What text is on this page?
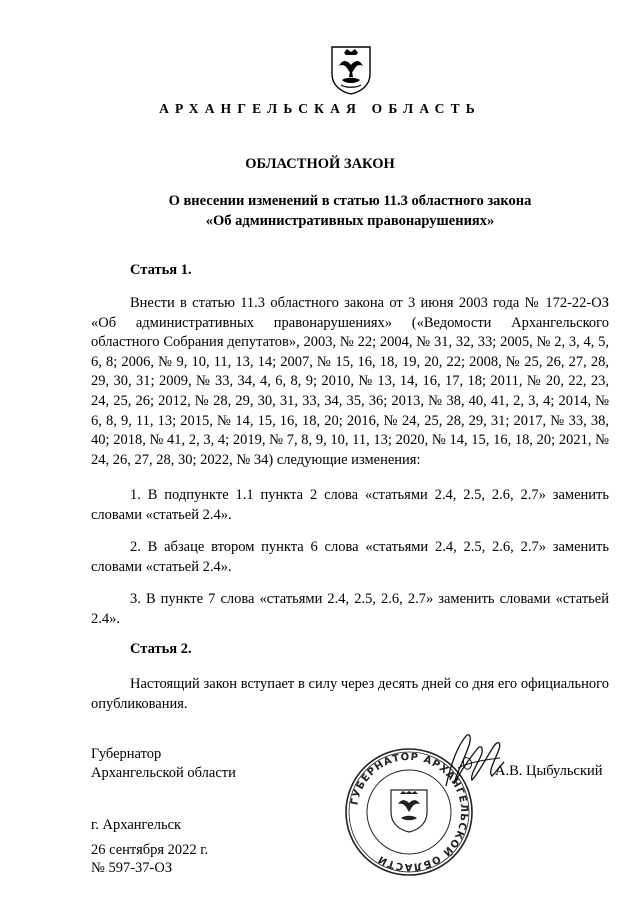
АРХАНГЕЛЬСКАЯ ОБЛАСТЬ
ОБЛАСТНОЙ ЗАКОН
О внесении изменений в статью 11.3 областного закона
«Об административных правонарушениях»
Статья 1.
Внести в статью 11.3 областного закона от 3 июня 2003 года № 172-22-ОЗ «Об административных правонарушениях» («Ведомости Архангельского областного Собрания депутатов», 2003, № 22; 2004, № 31, 32, 33; 2005, № 2, 3, 4, 5, 6, 8; 2006, № 9, 10, 11, 13, 14; 2007, № 15, 16, 18, 19, 20, 22; 2008, № 25, 26, 27, 28, 29, 30, 31; 2009, № 33, 34, 4, 6, 8, 9; 2010, № 13, 14, 16, 17, 18; 2011, № 20, 22, 23, 24, 25, 26; 2012, № 28, 29, 30, 31, 33, 34, 35, 36; 2013, № 38, 40, 41, 2, 3, 4; 2014, № 6, 8, 9, 11, 13; 2015, № 14, 15, 16, 18, 20; 2016, № 24, 25, 28, 29, 31; 2017, № 33, 38, 40; 2018, № 41, 2, 3, 4; 2019, № 7, 8, 9, 10, 11, 13; 2020, № 14, 15, 16, 18, 20; 2021, № 24, 26, 27, 28, 30; 2022, № 34) следующие изменения:
1. В подпункте 1.1 пункта 2 слова «статьями 2.4, 2.5, 2.6, 2.7» заменить словами «статьей 2.4».
2. В абзаце втором пункта 6 слова «статьями 2.4, 2.5, 2.6, 2.7» заменить словами «статьей 2.4».
3. В пункте 7 слова «статьями 2.4, 2.5, 2.6, 2.7» заменить словами «статьей 2.4».
Статья 2.
Настоящий закон вступает в силу через десять дней со дня его официального опубликования.
ГУБЕРНАТОР АРХАНГЕЛЬСКОЙ ОБЛАСТИ
Губернатор
Архангельской области	А.В. Цыбульский
г. Архангельск
26 сентября 2022 г.
№ 597-37-ОЗ
